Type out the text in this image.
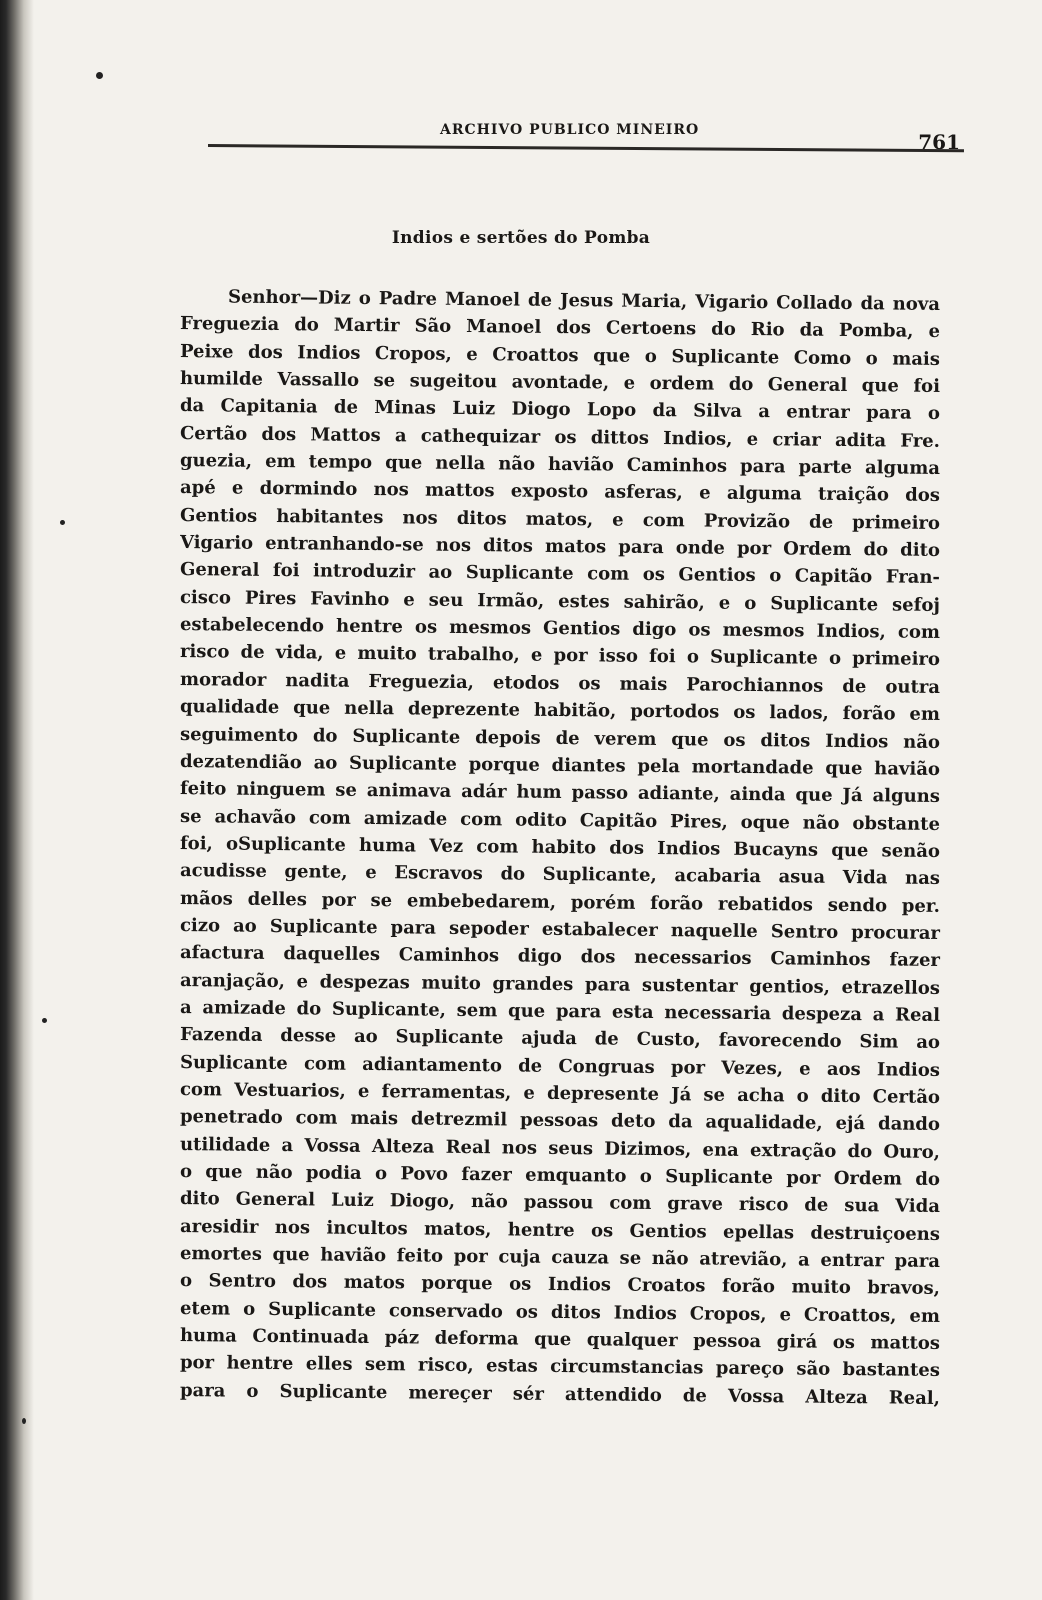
ARCHIVO PUBLICO MINEIRO	761
Indios e sertões do Pomba
Senhor—Diz o Padre Manoel de Jesus Maria, Vigario Collado da nova
Freguezia do Martir São Manoel dos Certoens do Rio da Pomba, e
Peixe dos Indios Cropos, e Croattos que o Suplicante Como o mais
humilde Vassallo se sugeitou avontade, e ordem do General que foi
da Capitania de Minas Luiz Diogo Lopo da Silva a entrar para o
Certão dos Mattos a cathequizar os dittos Indios, e criar adita Fre.
guezia, em tempo que nella não havião Caminhos para parte alguma
apé e dormindo nos mattos exposto asferas, e alguma traição dos
Gentios habitantes nos ditos matos, e com Provizão de primeiro
Vigario entranhando-se nos ditos matos para onde por Ordem do dito
General foi introduzir ao Suplicante com os Gentios o Capitão Fran-
cisco Pires Favinho e seu Irmão, estes sahirão, e o Suplicante sefoj
estabelecendo hentre os mesmos Gentios digo os mesmos Indios, com
risco de vida, e muito trabalho, e por isso foi o Suplicante o primeiro
morador nadita Freguezia, etodos os mais Parochiannos de outra
qualidade que nella deprezente habitão, portodos os lados, forão em
seguimento do Suplicante depois de verem que os ditos Indios não
dezatendião ao Suplicante porque diantes pela mortandade que havião
feito ninguem se animava adár hum passo adiante, ainda que Já alguns
se achavão com amizade com odito Capitão Pires, oque não obstante
foi, oSuplicante huma Vez com habito dos Indios Bucayns que senão
acudisse gente, e Escravos do Suplicante, acabaria asua Vida nas
mãos delles por se embebedarem, porém forão rebatidos sendo per.
cizo ao Suplicante para sepoder estabalecer naquelle Sentro procurar
afactura daquelles Caminhos digo dos necessarios Caminhos fazer
aranjação, e despezas muito grandes para sustentar gentios, etrazellos
a amizade do Suplicante, sem que para esta necessaria despeza a Real
Fazenda desse ao Suplicante ajuda de Custo, favorecendo Sim ao
Suplicante com adiantamento de Congruas por Vezes, e aos Indios
com Vestuarios, e ferramentas, e depresente Já se acha o dito Certão
penetrado com mais detrezmil pessoas deto da aqualidade, ejá dando
utilidade a Vossa Alteza Real nos seus Dizimos, ena extração do Ouro,
o que não podia o Povo fazer emquanto o Suplicante por Ordem do
dito General Luiz Diogo, não passou com grave risco de sua Vida
aresidir nos incultos matos, hentre os Gentios epellas destruiçoens
emortes que havião feito por cuja cauza se não atrevião, a entrar para
o Sentro dos matos porque os Indios Croatos forão muito bravos,
etem o Suplicante conservado os ditos Indios Cropos, e Croattos, em
huma Continuada páz deforma que qualquer pessoa girá os mattos
por hentre elles sem risco, estas circumstancias pareço são bastantes
para o Suplicante mereçer sér attendido de Vossa Alteza Real,
